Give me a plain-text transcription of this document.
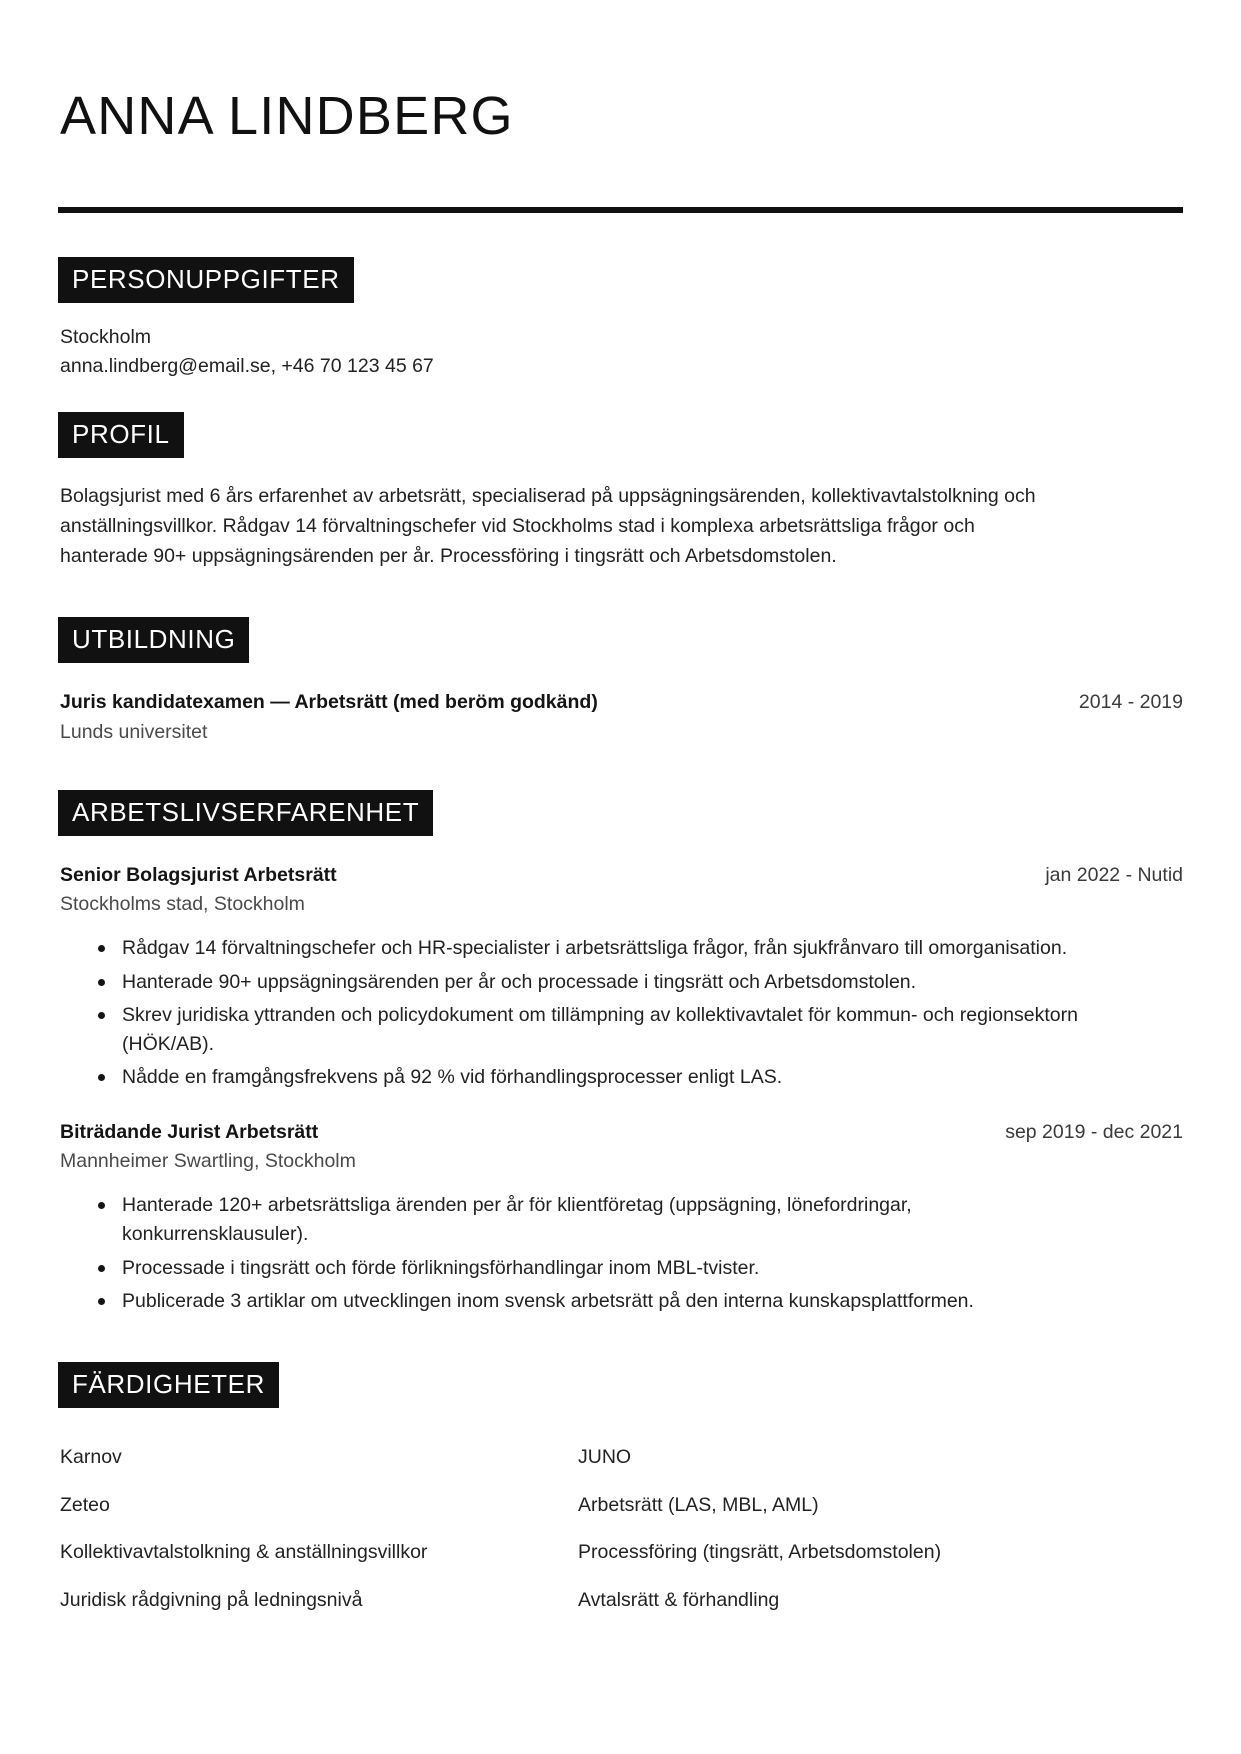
ANNA LINDBERG
PERSONUPPGIFTER
Stockholm
anna.lindberg@email.se, +46 70 123 45 67
PROFIL

Bolagsjurist med 6 års erfarenhet av arbetsrätt, specialiserad på uppsägningsärenden, kollektivavtalstolkning och anställningsvillkor. Rådgav 14 förvaltningschefer vid Stockholms stad i komplexa arbetsrättsliga frågor och hanterade 90+ uppsägningsärenden per år. Processföring i tingsrätt och Arbetsdomstolen.

UTBILDNING
Juris kandidatexamen — Arbetsrätt (med beröm godkänd)	2014 - 2019
Lunds universitet
ARBETSLIVSERFARENHET
Senior Bolagsjurist Arbetsrätt	jan 2022 - Nutid
Stockholms stad, Stockholm
Rådgav 14 förvaltningschefer och HR-specialister i arbetsrättsliga frågor, från sjukfrånvaro till omorganisation.
Hanterade 90+ uppsägningsärenden per år och processade i tingsrätt och Arbetsdomstolen.
Skrev juridiska yttranden och policydokument om tillämpning av kollektivavtalet för kommun- och regionsektorn (HÖK/AB).
Nådde en framgångsfrekvens på 92 % vid förhandlingsprocesser enligt LAS.
Biträdande Jurist Arbetsrätt	sep 2019 - dec 2021
Mannheimer Swartling, Stockholm
Hanterade 120+ arbetsrättsliga ärenden per år för klientföretag (uppsägning, lönefordringar, konkurrensklausuler).
Processade i tingsrätt och förde förlikningsförhandlingar inom MBL-tvister.
Publicerade 3 artiklar om utvecklingen inom svensk arbetsrätt på den interna kunskapsplattformen.
FÄRDIGHETER
Karnov	JUNO
Zeteo	Arbetsrätt (LAS, MBL, AML)
Kollektivavtalstolkning & anställningsvillkor	Processföring (tingsrätt, Arbetsdomstolen)
Juridisk rådgivning på ledningsnivå	Avtalsrätt & förhandling
